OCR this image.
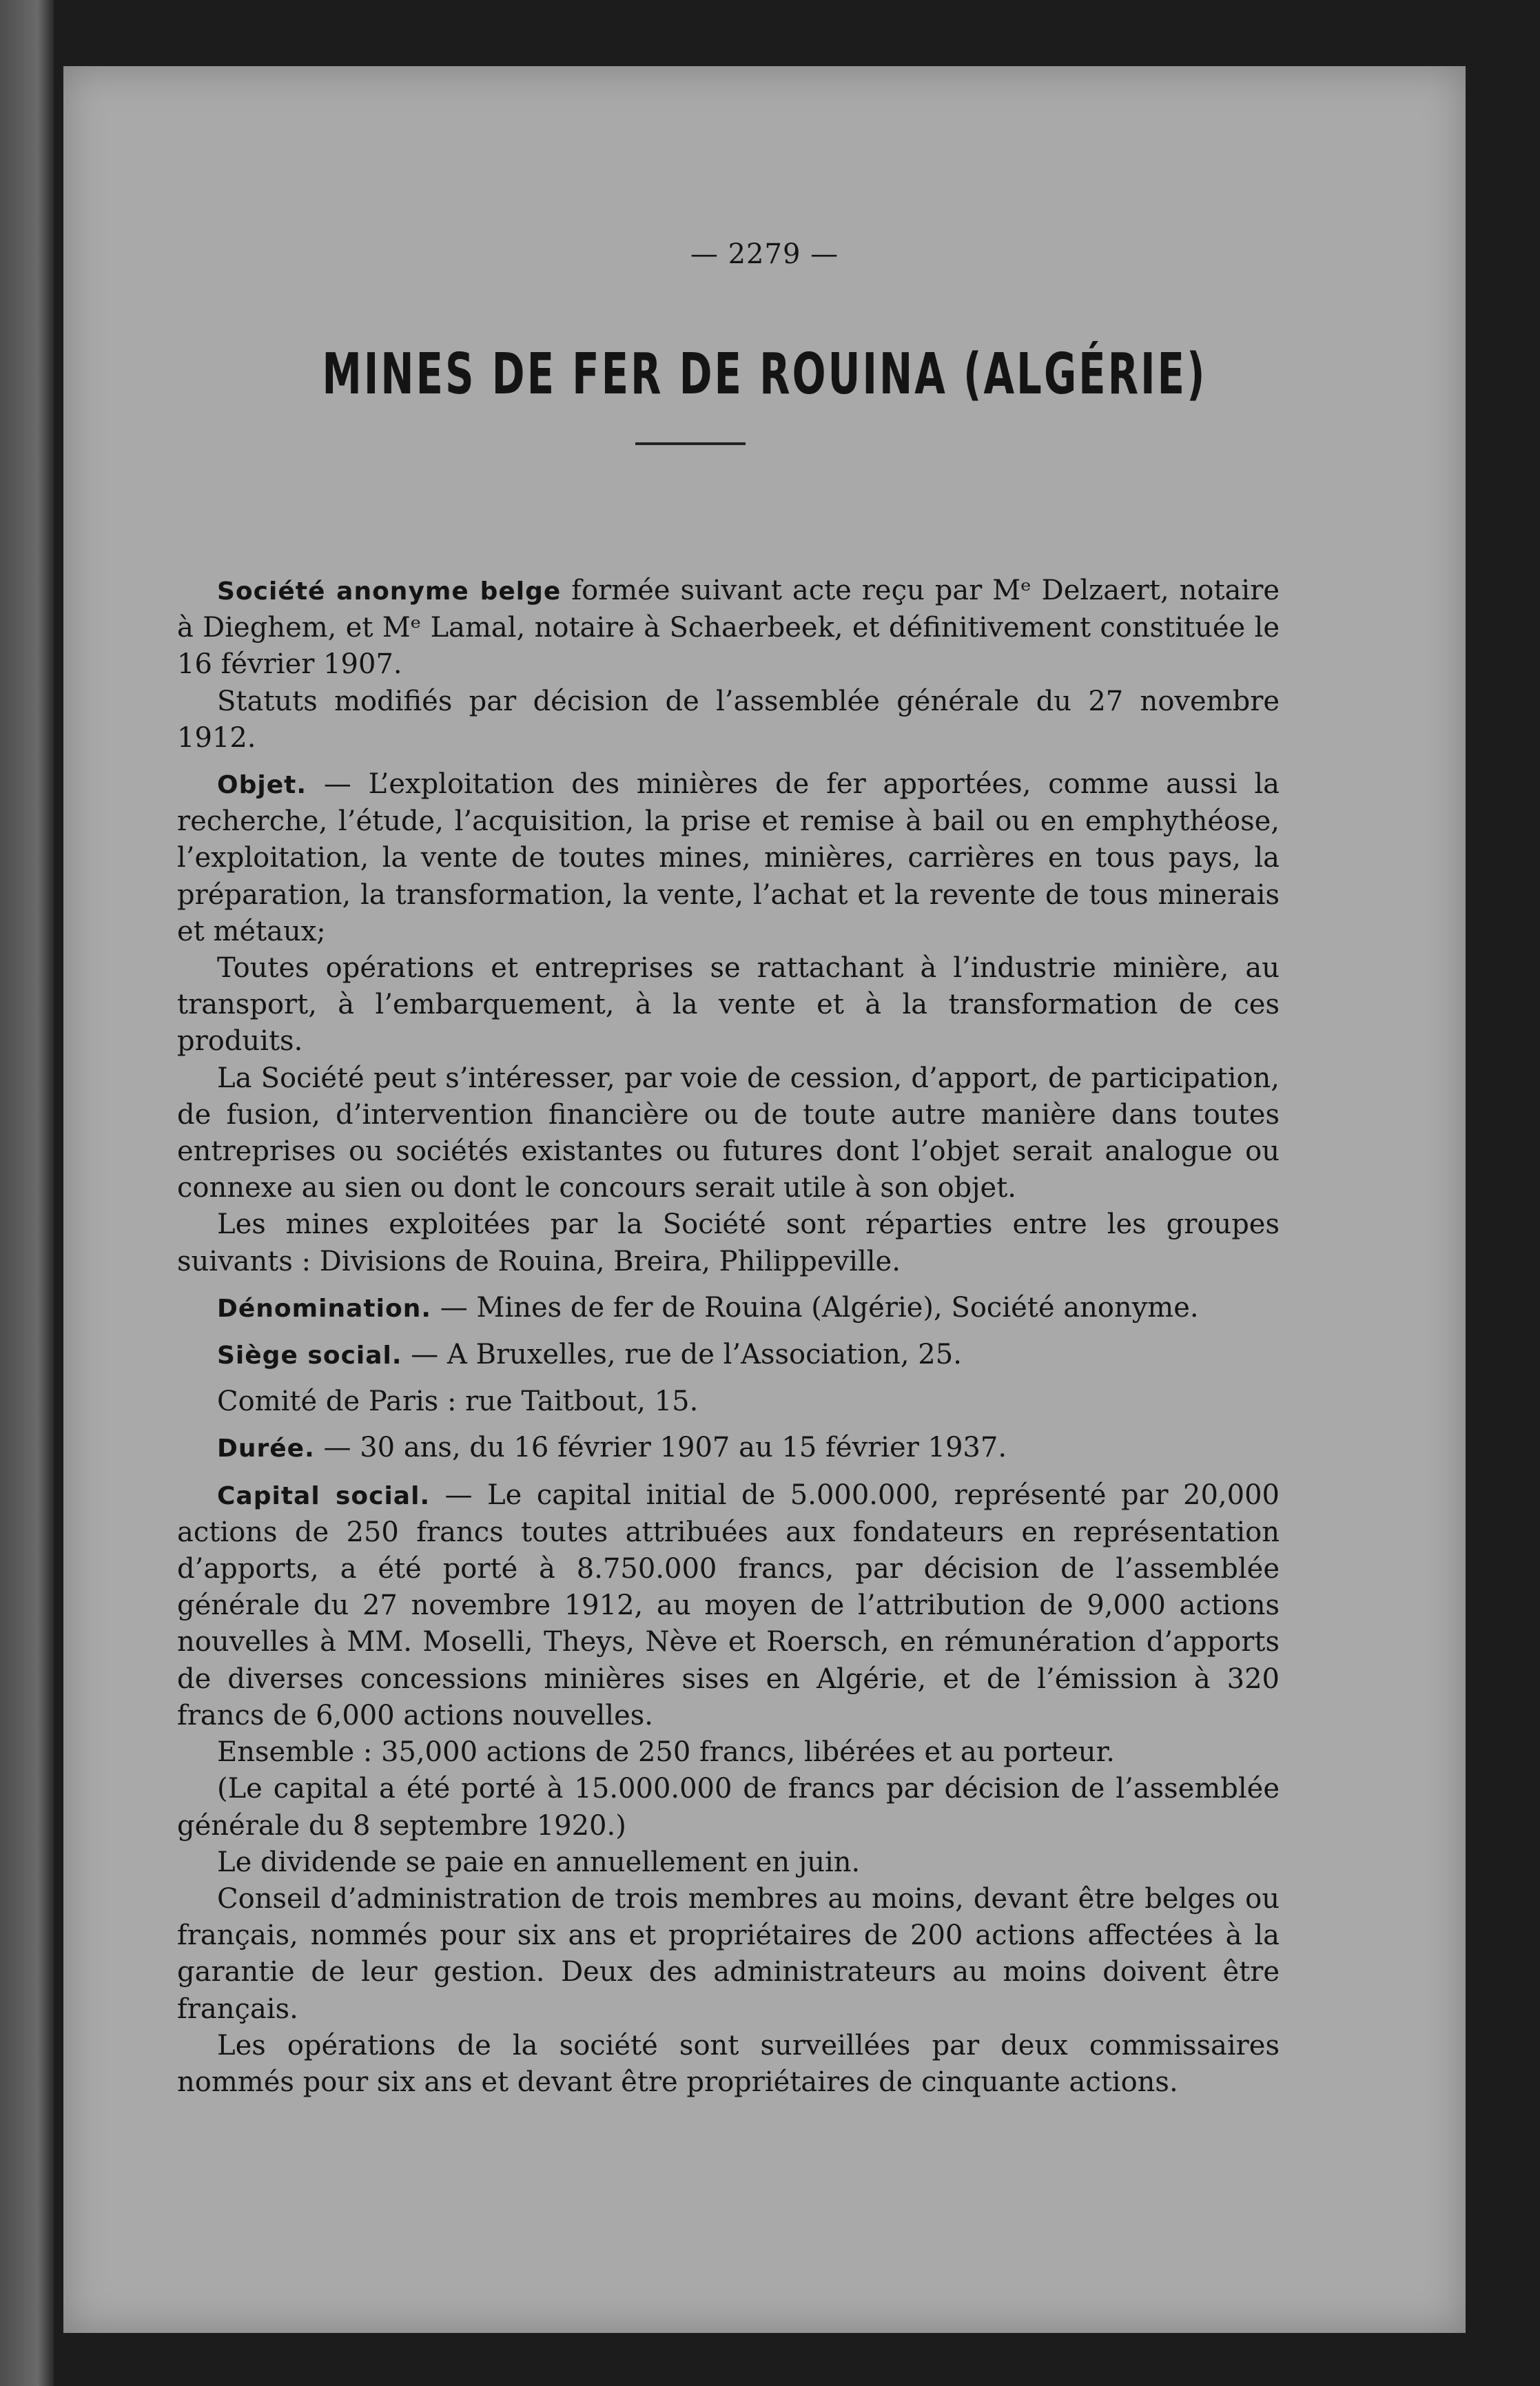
— 2279 —
MINES DE FER DE ROUINA (ALGÉRIE)

Société anonyme belge formée suivant acte reçu par Mᵉ Delzaert, notaire à Dieghem, et Mᵉ Lamal, notaire à Schaerbeek, et définitivement constituée le 16 février 1907.

Statuts modifiés par décision de l’assemblée générale du 27 novembre 1912.

Objet. — L’exploitation des minières de fer apportées, comme aussi la recherche, l’étude, l’acquisition, la prise et remise à bail ou en emphythéose, l’exploitation, la vente de toutes mines, minières, carrières en tous pays, la préparation, la transformation, la vente, l’achat et la revente de tous minerais et métaux;

Toutes opérations et entreprises se rattachant à l’industrie minière, au transport, à l’embarquement, à la vente et à la transformation de ces produits.

La Société peut s’intéresser, par voie de cession, d’apport, de participation, de fusion, d’intervention financière ou de toute autre manière dans toutes entreprises ou sociétés existantes ou futures dont l’objet serait analogue ou connexe au sien ou dont le concours serait utile à son objet.

Les mines exploitées par la Société sont réparties entre les groupes suivants : Divisions de Rouina, Breira, Philippeville.

Dénomination. — Mines de fer de Rouina (Algérie), Société anonyme.

Siège social. — A Bruxelles, rue de l’Association, 25.

Comité de Paris : rue Taitbout, 15.

Durée. — 30 ans, du 16 février 1907 au 15 février 1937.

Capital social. — Le capital initial de 5.000.000, représenté par 20,000 actions de 250 francs toutes attribuées aux fondateurs en représentation d’apports, a été porté à 8.750.000 francs, par décision de l’assemblée générale du 27 novembre 1912, au moyen de l’attribution de 9,000 actions nouvelles à MM. Moselli, Theys, Nève et Roersch, en rémunération d’apports de diverses concessions minières sises en Algérie, et de l’émission à 320 francs de 6,000 actions nouvelles.

Ensemble : 35,000 actions de 250 francs, libérées et au porteur.

(Le capital a été porté à 15.000.000 de francs par décision de l’assemblée générale du 8 septembre 1920.)

Le dividende se paie en annuellement en juin.

Conseil d’administration de trois membres au moins, devant être belges ou français, nommés pour six ans et propriétaires de 200 actions affectées à la garantie de leur gestion. Deux des administrateurs au moins doivent être français.

Les opérations de la société sont surveillées par deux commissaires nommés pour six ans et devant être propriétaires de cinquante actions.
